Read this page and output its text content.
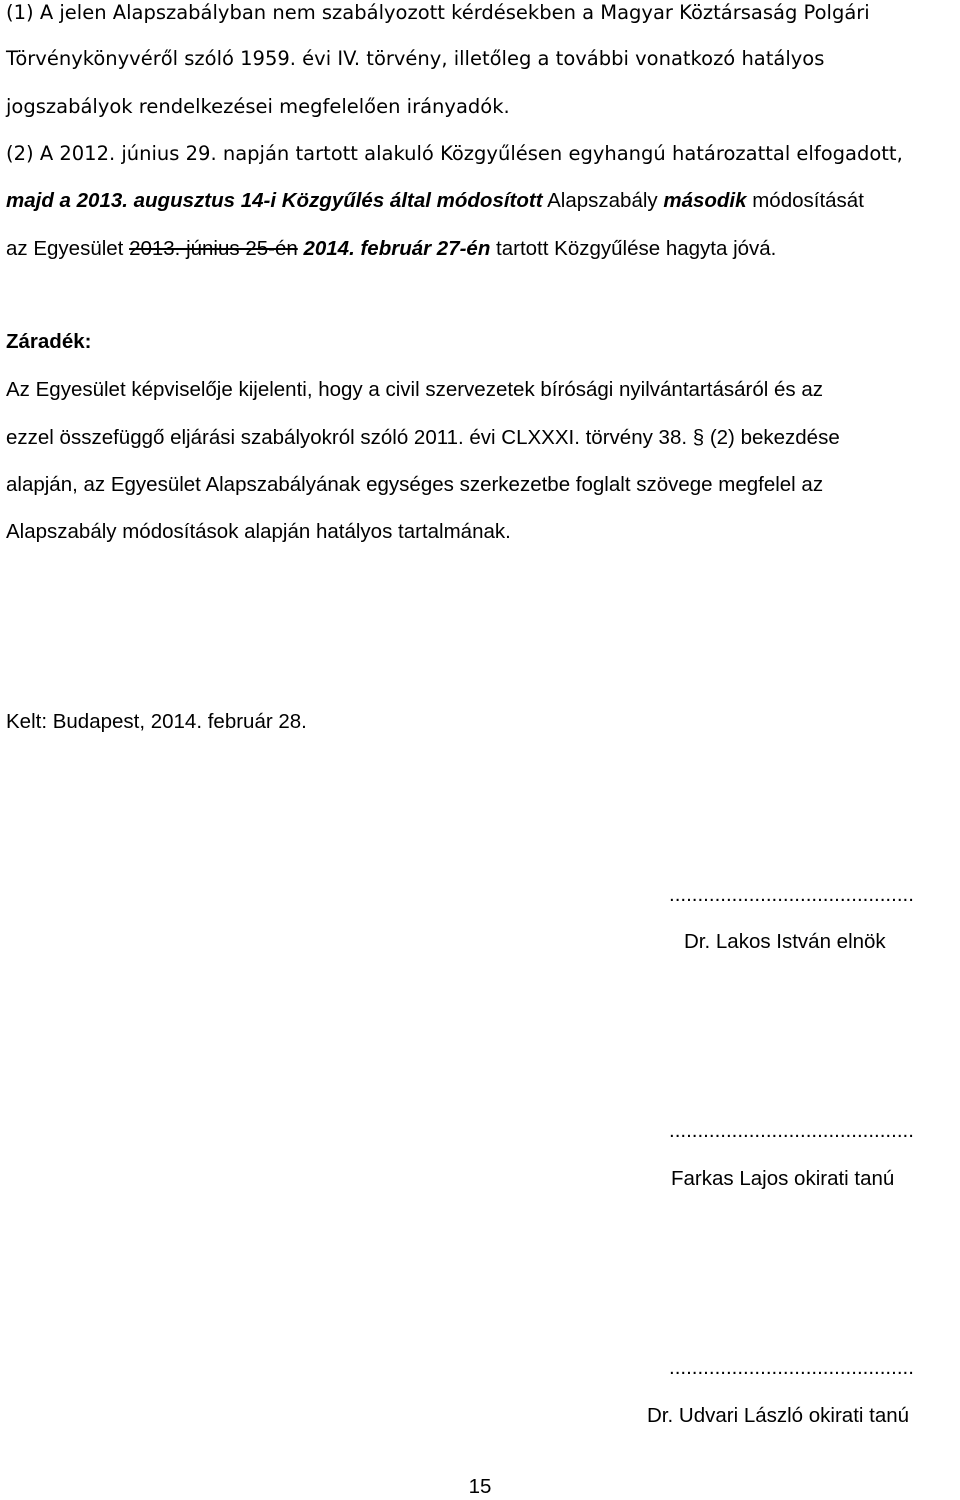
(1) A jelen Alapszabályban nem szabályozott kérdésekben a Magyar Köztársaság Polgári
Törvénykönyvéről szóló 1959. évi IV. törvény, illetőleg a további vonatkozó hatályos
jogszabályok rendelkezései megfelelően irányadók.
(2) A 2012. június 29. napján tartott alakuló Közgyűlésen egyhangú határozattal elfogadott,
majd a 2013. augusztus 14-i Közgyűlés által módosított Alapszabály második módosítását
az Egyesület 2013. június 25-én 2014. február 27-én tartott Közgyűlése hagyta jóvá.
Záradék:
Az Egyesület képviselője kijelenti, hogy a civil szervezetek bírósági nyilvántartásáról és az
ezzel összefüggő eljárási szabályokról szóló 2011. évi CLXXXI. törvény 38. § (2) bekezdése
alapján, az Egyesület Alapszabályának egységes szerkezetbe foglalt szövege megfelel az
Alapszabály módosítások alapján hatályos tartalmának.
Kelt: Budapest, 2014. február 28.
...........................................
Dr. Lakos István elnök
...........................................
Farkas Lajos okirati tanú
...........................................
Dr. Udvari László okirati tanú
15
